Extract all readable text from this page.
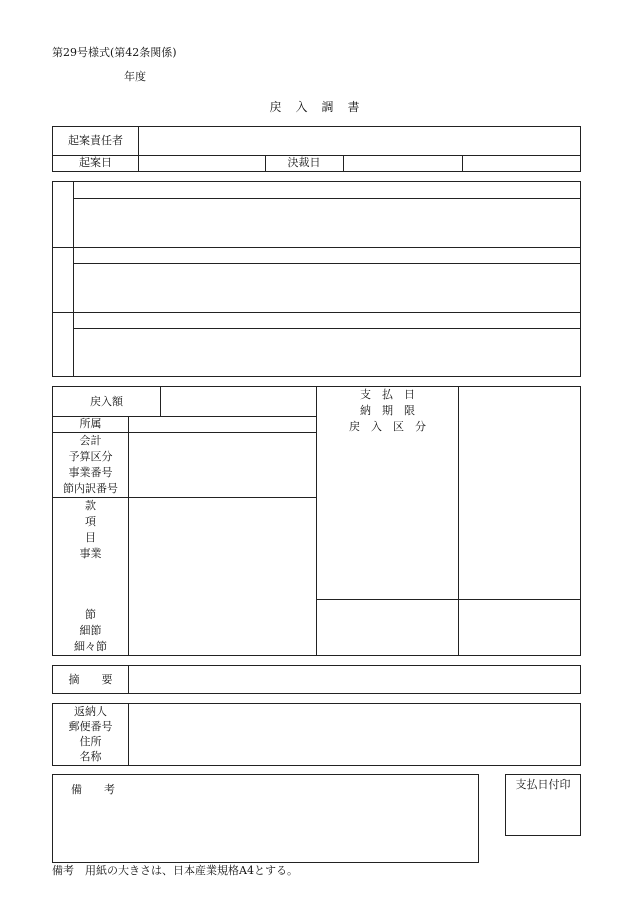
第29号様式(第42条関係)
年度
戻　入　調　書
起案責任者
起案日	決裁日
戻入額
所属
会計
予算区分
事業番号
節内訳番号
款
項
目
事業
節
細節
細々節
支　払　日
納　期　限
戻　入　区　分
摘　　要
返納人
郵便番号
住所
名称
備　　考	支払日付印
備考　用紙の大きさは、日本産業規格A4とする。
